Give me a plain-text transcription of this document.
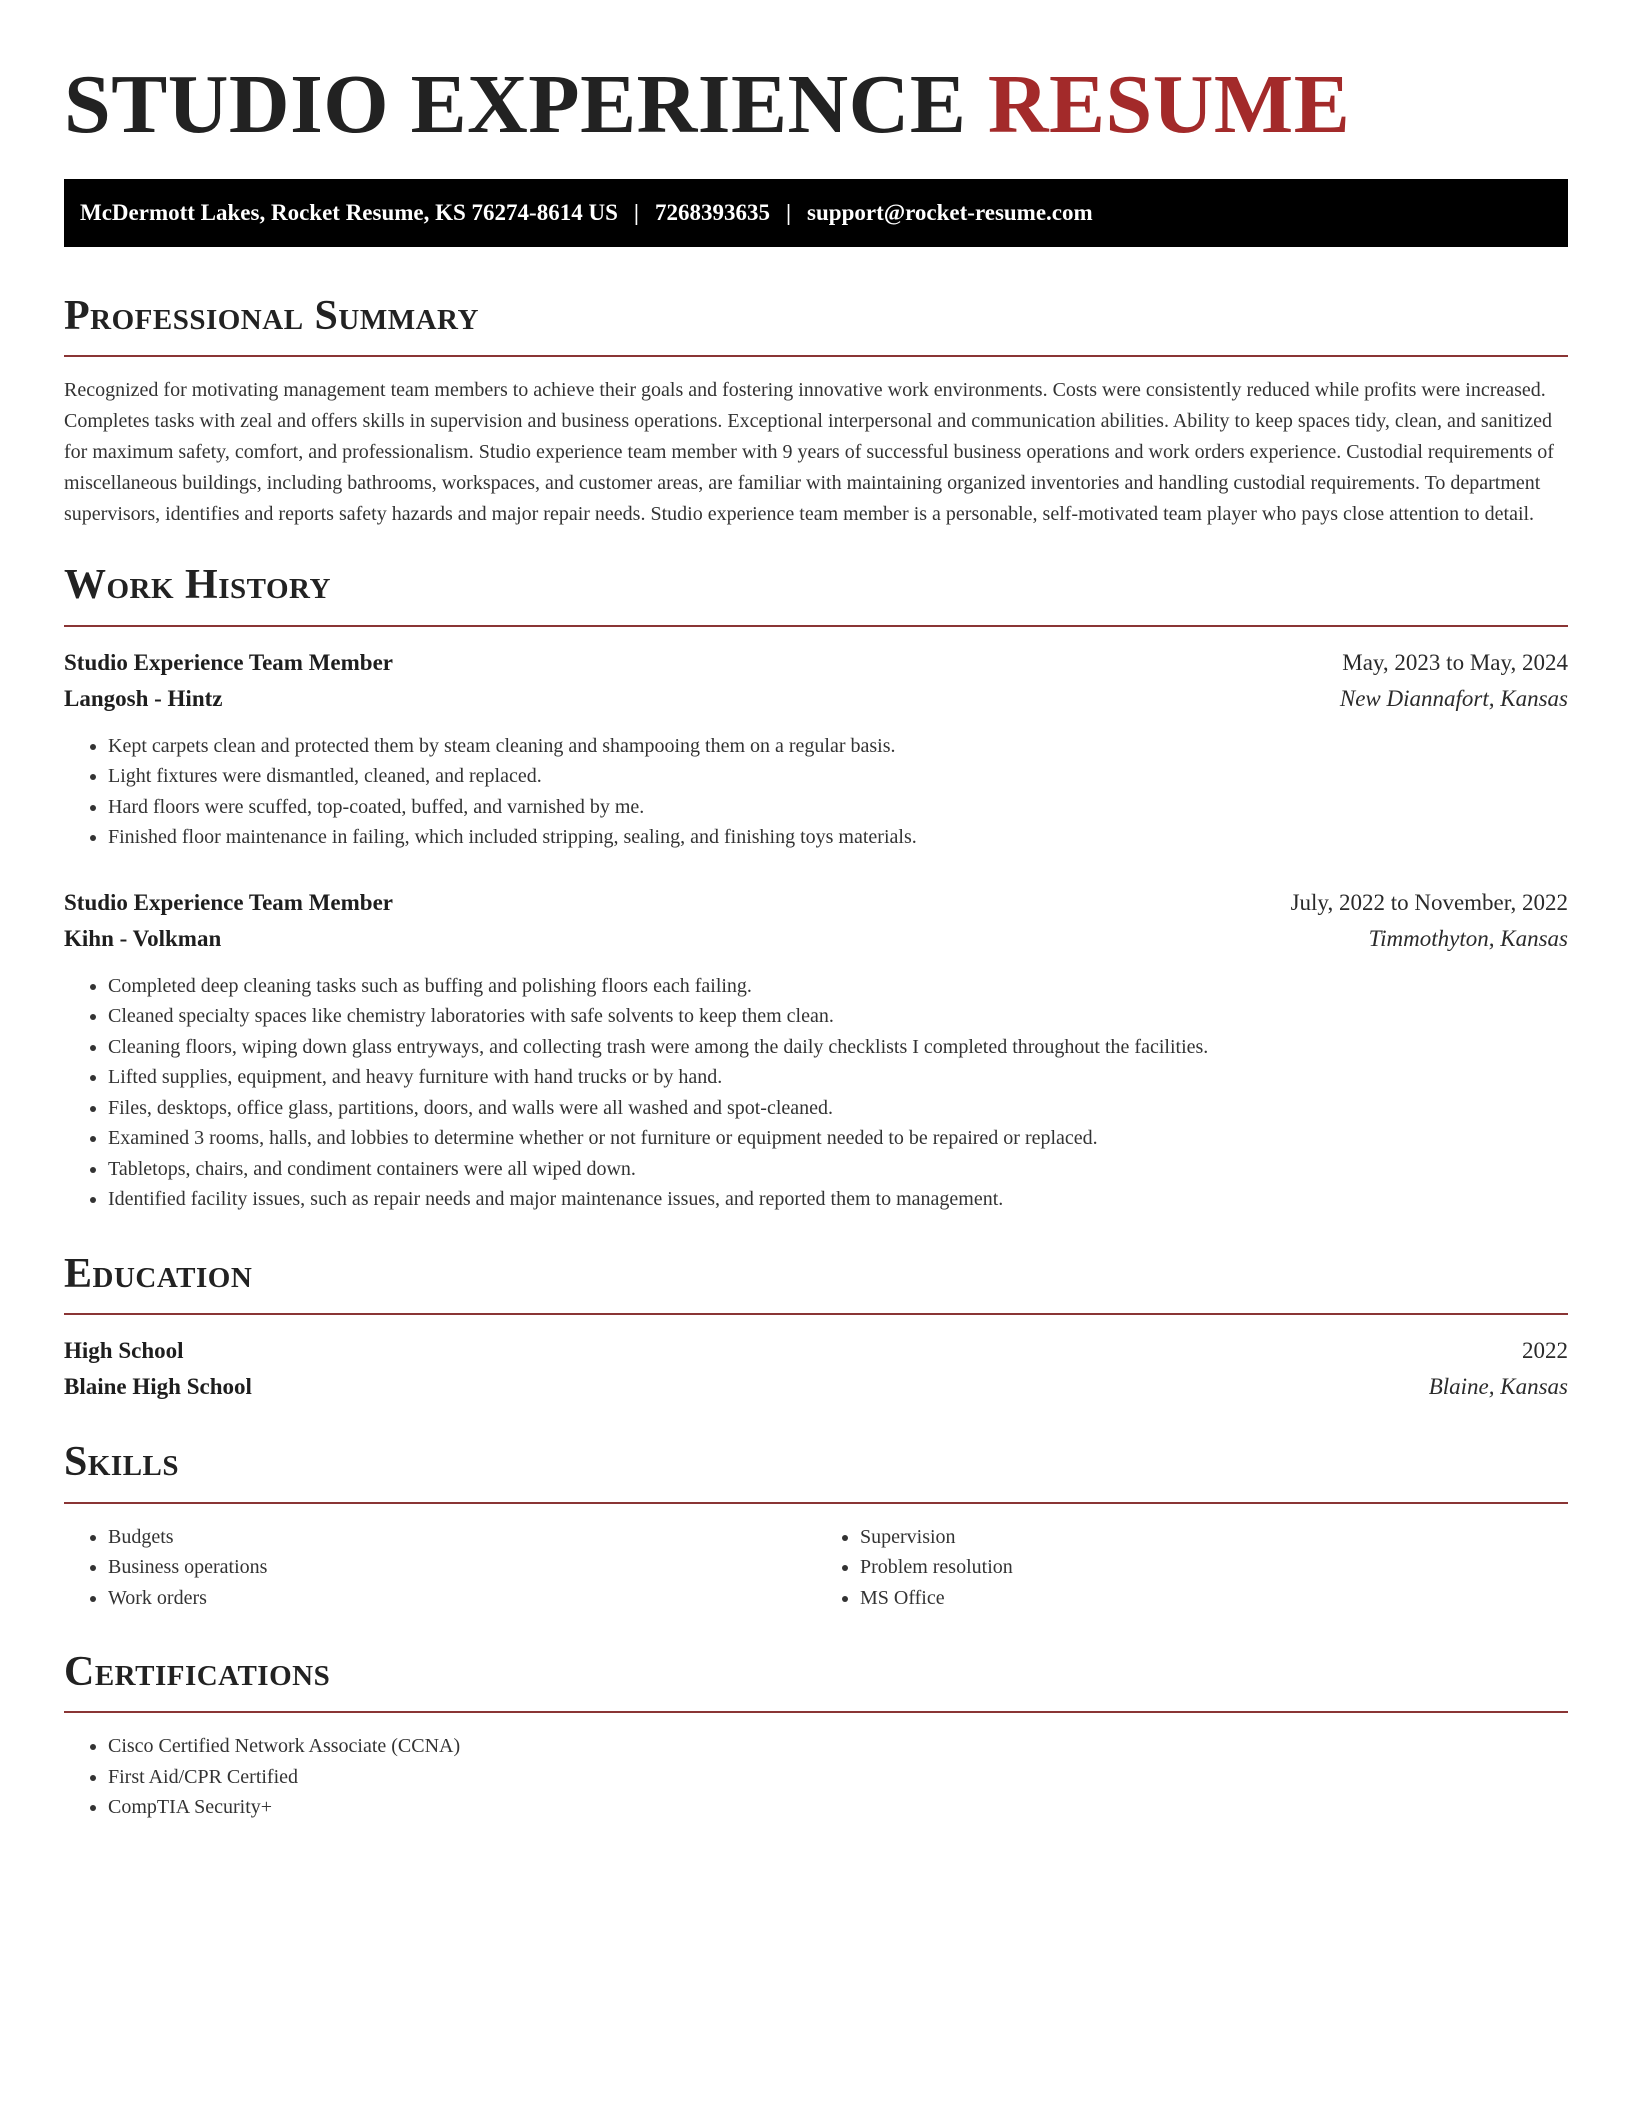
STUDIO EXPERIENCE RESUME
McDermott Lakes, Rocket Resume, KS 76274-8614 US | 7268393635 | support@rocket-resume.com
Professional Summary

Recognized for motivating management team members to achieve their goals and fostering innovative work environments. Costs were consistently reduced while profits were increased. Completes tasks with zeal and offers skills in supervision and business operations. Exceptional interpersonal and communication abilities. Ability to keep spaces tidy, clean, and sanitized for maximum safety, comfort, and professionalism. Studio experience team member with 9 years of successful business operations and work orders experience. Custodial requirements of miscellaneous buildings, including bathrooms, workspaces, and customer areas, are familiar with maintaining organized inventories and handling custodial requirements. To department supervisors, identifies and reports safety hazards and major repair needs. Studio experience team member is a personable, self-motivated team player who pays close attention to detail.

Work History
Studio Experience Team Member	May, 2023 to May, 2024
Langosh - Hintz	New Diannafort, Kansas
• Kept carpets clean and protected them by steam cleaning and shampooing them on a regular basis.
• Light fixtures were dismantled, cleaned, and replaced.
• Hard floors were scuffed, top-coated, buffed, and varnished by me.
• Finished floor maintenance in failing, which included stripping, sealing, and finishing toys materials.
Studio Experience Team Member	July, 2022 to November, 2022
Kihn - Volkman	Timmothyton, Kansas
• Completed deep cleaning tasks such as buffing and polishing floors each failing.
• Cleaned specialty spaces like chemistry laboratories with safe solvents to keep them clean.
• Cleaning floors, wiping down glass entryways, and collecting trash were among the daily checklists I completed throughout the facilities.
• Lifted supplies, equipment, and heavy furniture with hand trucks or by hand.
• Files, desktops, office glass, partitions, doors, and walls were all washed and spot-cleaned.
• Examined 3 rooms, halls, and lobbies to determine whether or not furniture or equipment needed to be repaired or replaced.
• Tabletops, chairs, and condiment containers were all wiped down.
• Identified facility issues, such as repair needs and major maintenance issues, and reported them to management.
Education
High School	2022
Blaine High School	Blaine, Kansas
Skills
• Budgets
• Business operations
• Work orders
• Supervision
• Problem resolution
• MS Office
Certifications
• Cisco Certified Network Associate (CCNA)
• First Aid/CPR Certified
• CompTIA Security+
